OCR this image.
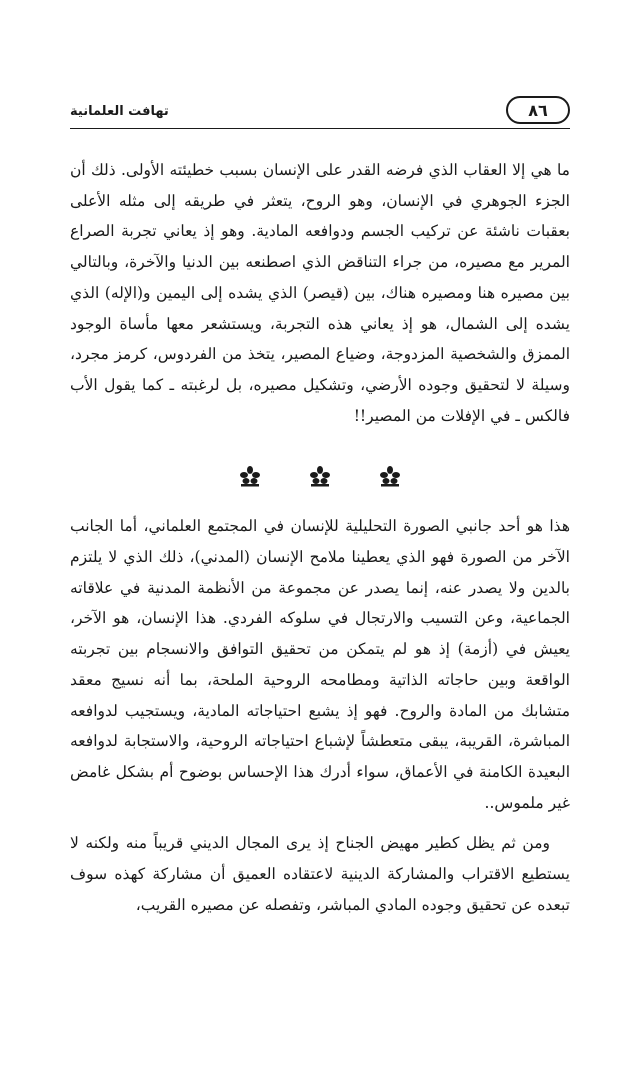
٨٦
تهافت العلمانية

ما هي إلا العقاب الذي فرضه القدر على الإنسان بسبب خطيئته الأولى. ذلك أن الجزء الجوهري في الإنسان، وهو الروح، يتعثر في طريقه إلى مثله الأعلى بعقبات ناشئة عن تركيب الجسم ودوافعه المادية. وهو إذ يعاني تجربة الصراع المرير مع مصيره، من جراء التناقض الذي اصطنعه بين الدنيا والآخرة، وبالتالي بين مصيره هنا ومصيره هناك، بين (قيصر) الذي يشده إلى اليمين و(الإله) الذي يشده إلى الشمال، هو إذ يعاني هذه التجربة، ويستشعر معها مأساة الوجود الممزق والشخصية المزدوجة، وضياع المصير، يتخذ من الفردوس، كرمز مجرد، وسيلة لا لتحقيق وجوده الأرضي، وتشكيل مصيره، بل لرغبته ـ كما يقول الأب فالكس ـ في الإفلات من المصير!!

هذا هو أحد جانبي الصورة التحليلية للإنسان في المجتمع العلماني، أما الجانب الآخر من الصورة فهو الذي يعطينا ملامح الإنسان (المدني)، ذلك الذي لا يلتزم بالدين ولا يصدر عنه، إنما يصدر عن مجموعة من الأنظمة المدنية في علاقاته الجماعية، وعن التسيب والارتجال في سلوكه الفردي. هذا الإنسان، هو الآخر، يعيش في (أزمة) إذ هو لم يتمكن من تحقيق التوافق والانسجام بين تجربته الواقعة وبين حاجاته الذاتية ومطامحه الروحية الملحة، بما أنه نسيج معقد متشابك من المادة والروح. فهو إذ يشبع احتياجاته المادية، ويستجيب لدوافعه المباشرة، القريبة، يبقى متعطشاً لإشباع احتياجاته الروحية، والاستجابة لدوافعه البعيدة الكامنة في الأعماق، سواء أدرك هذا الإحساس بوضوح أم بشكل غامض غير ملموس..

ومن ثم يظل كطير مهيض الجناح إذ يرى المجال الديني قريباً منه ولكنه لا يستطيع الاقتراب والمشاركة الدينية لاعتقاده العميق أن مشاركة كهذه سوف تبعده عن تحقيق وجوده المادي المباشر، وتفصله عن مصيره القريب،
